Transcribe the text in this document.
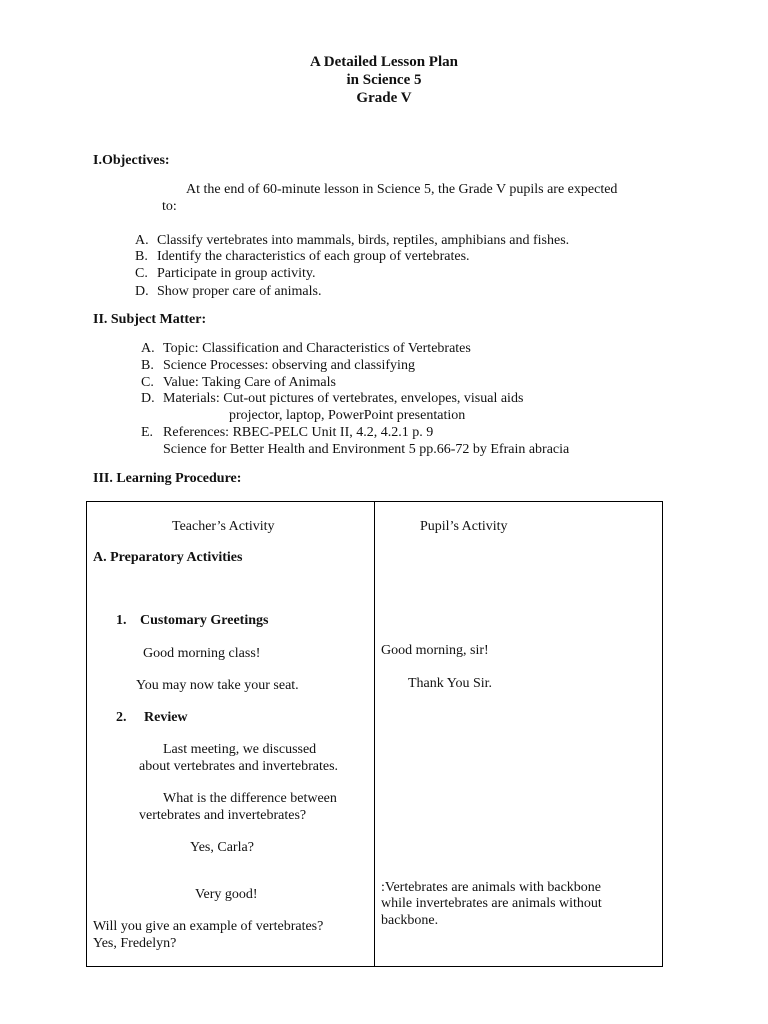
A Detailed Lesson Plan
in Science 5
Grade V
I.Objectives:
At the end of 60-minute lesson in Science 5, the Grade V pupils are expected
to:
A. Classify vertebrates into mammals, birds, reptiles, amphibians and fishes.
B. Identify the characteristics of each group of vertebrates.
C. Participate in group activity.
D. Show proper care of animals.
II. Subject Matter:
A. Topic: Classification and Characteristics of Vertebrates
B. Science Processes: observing and classifying
C. Value: Taking Care of Animals
D. Materials: Cut-out pictures of vertebrates, envelopes, visual aids
projector, laptop, PowerPoint presentation
E. References: RBEC-PELC Unit II, 4.2, 4.2.1 p. 9
Science for Better Health and Environment 5 pp.66-72 by Efrain abracia
III. Learning Procedure:
Teacher’s Activity
A. Preparatory Activities
1. Customary Greetings
Good morning class!
You may now take your seat.
2. Review
Last meeting, we discussed
about vertebrates and invertebrates.
What is the difference between
vertebrates and invertebrates?
Yes, Carla?
Very good!
Will you give an example of vertebrates?
Yes, Fredelyn?
Pupil’s Activity
Good morning, sir!
Thank You Sir.
:Vertebrates are animals with backbone
while invertebrates are animals without
backbone.
